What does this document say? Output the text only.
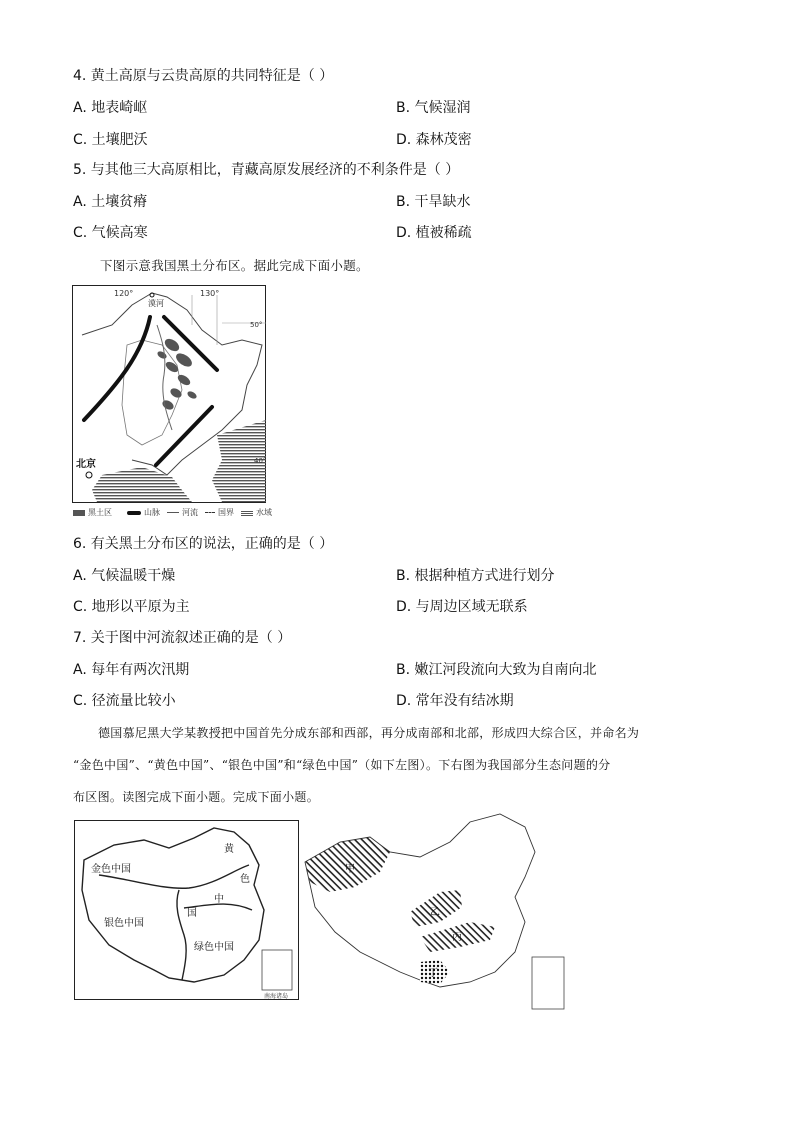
4. 黄土高原与云贵高原的共同特征是（ ）
A. 地表崎岖	B. 气候湿润
C. 土壤肥沃	D. 森林茂密
5. 与其他三大高原相比，青藏高原发展经济的不利条件是（ ）
A. 土壤贫瘠	B. 干旱缺水
C. 气候高寒	D. 植被稀疏
下图示意我国黑土分布区。据此完成下面小题。
120°	130°
50°
漠河
北京	40°
黑土区	山脉	河流	国界	水域
6. 有关黑土分布区的说法，正确的是（ ）
A. 气候温暖干燥	B. 根据种植方式进行划分
C. 地形以平原为主	D. 与周边区域无联系
7. 关于图中河流叙述正确的是（ ）
A. 每年有两次汛期	B. 嫩江河段流向大致为自南向北
C. 径流量比较小	D. 常年没有结冰期
德国慕尼黑大学某教授把中国首先分成东部和西部，再分成南部和北部，形成四大综合区，并命名为
“金色中国”、“黄色中国”、“银色中国”和“绿色中国”（如下左图）。下右图为我国部分生态问题的分
布区图。读图完成下面小题。完成下面小题。
金色中国
银色中国
绿色中国
黄
色
中
国
南海诸岛
甲
乙
丙
丁
